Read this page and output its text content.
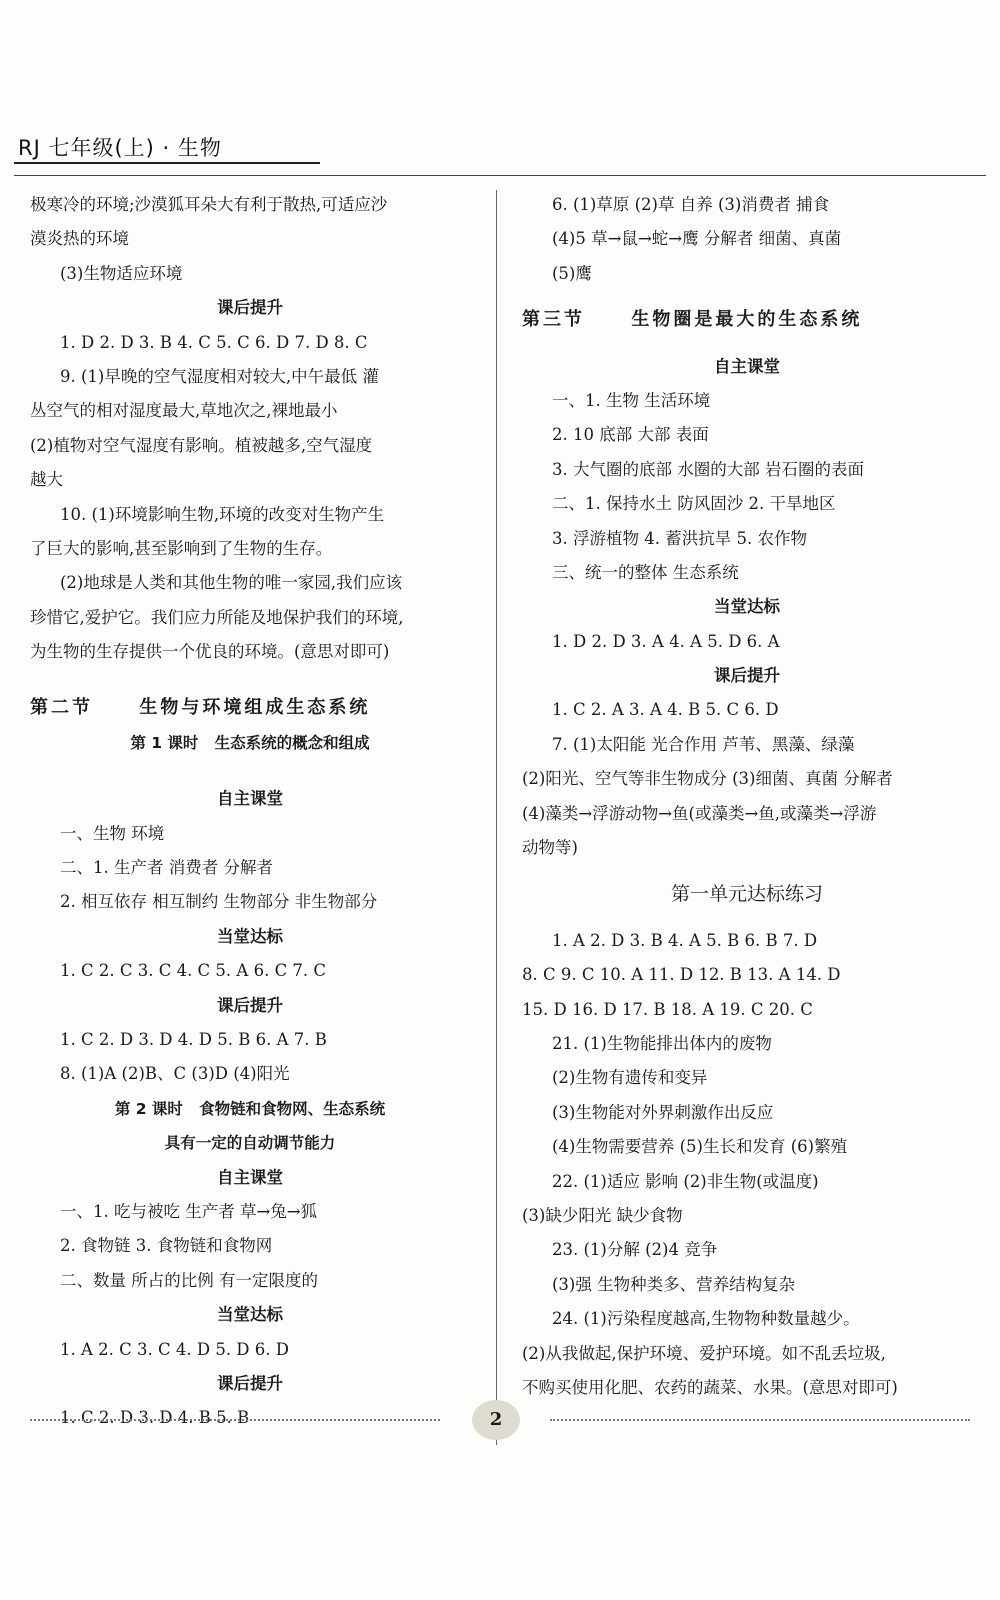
RJ 七年级(上) · 生物
极寒冷的环境;沙漠狐耳朵大有利于散热,可适应沙
漠炎热的环境
(3)生物适应环境
课后提升
1. D 2. D 3. B 4. C 5. C 6. D 7. D 8. C
9. (1)早晚的空气湿度相对较大,中午最低 灌
丛空气的相对湿度最大,草地次之,裸地最小
(2)植物对空气湿度有影响。植被越多,空气湿度
越大
10. (1)环境影响生物,环境的改变对生物产生
了巨大的影响,甚至影响到了生物的生存。
(2)地球是人类和其他生物的唯一家园,我们应该
珍惜它,爱护它。我们应力所能及地保护我们的环境,
为生物的生存提供一个优良的环境。(意思对即可)
第二节     生物与环境组成生态系统
第 1 课时   生态系统的概念和组成
自主课堂
一、生物 环境
二、1. 生产者 消费者 分解者
2. 相互依存 相互制约 生物部分 非生物部分
当堂达标
1. C 2. C 3. C 4. C 5. A 6. C 7. C
课后提升
1. C 2. D 3. D 4. D 5. B 6. A 7. B
8. (1)A (2)B、C (3)D (4)阳光
第 2 课时   食物链和食物网、生态系统
具有一定的自动调节能力
自主课堂
一、1. 吃与被吃 生产者 草→兔→狐
2. 食物链 3. 食物链和食物网
二、数量 所占的比例 有一定限度的
当堂达标
1. A 2. C 3. C 4. D 5. D 6. D
课后提升
1. C 2. D 3. D 4. B 5. B
6. (1)草原 (2)草 自养 (3)消费者 捕食
(4)5 草→鼠→蛇→鹰 分解者 细菌、真菌
(5)鹰
第三节     生物圈是最大的生态系统
自主课堂
一、1. 生物 生活环境
2. 10 底部 大部 表面
3. 大气圈的底部 水圈的大部 岩石圈的表面
二、1. 保持水土 防风固沙 2. 干旱地区
3. 浮游植物 4. 蓄洪抗旱 5. 农作物
三、统一的整体 生态系统
当堂达标
1. D 2. D 3. A 4. A 5. D 6. A
课后提升
1. C 2. A 3. A 4. B 5. C 6. D
7. (1)太阳能 光合作用 芦苇、黑藻、绿藻
(2)阳光、空气等非生物成分 (3)细菌、真菌 分解者
(4)藻类→浮游动物→鱼(或藻类→鱼,或藻类→浮游
动物等)
第一单元达标练习
1. A 2. D 3. B 4. A 5. B 6. B 7. D
8. C 9. C 10. A 11. D 12. B 13. A 14. D
15. D 16. D 17. B 18. A 19. C 20. C
21. (1)生物能排出体内的废物
(2)生物有遗传和变异
(3)生物能对外界刺激作出反应
(4)生物需要营养 (5)生长和发育 (6)繁殖
22. (1)适应 影响 (2)非生物(或温度)
(3)缺少阳光 缺少食物
23. (1)分解 (2)4 竞争
(3)强 生物种类多、营养结构复杂
24. (1)污染程度越高,生物物种数量越少。
(2)从我做起,保护环境、爱护环境。如不乱丢垃圾,
不购买使用化肥、农药的蔬菜、水果。(意思对即可)
2
